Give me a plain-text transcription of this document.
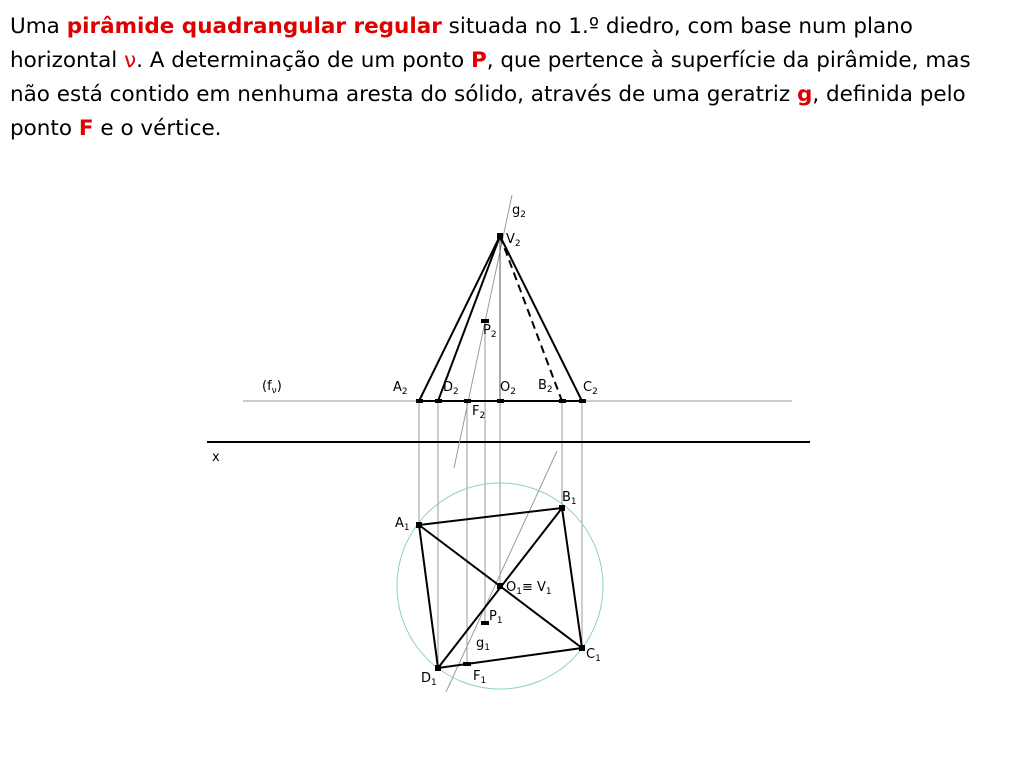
Uma pirâmide quadrangular regular situada no 1.º diedro, com base num plano horizontal ν. A determinação de um ponto P, que pertence à superfície da pirâmide, mas não está contido em nenhuma aresta do sólido, através de uma geratriz g, definida pelo ponto F e o vértice.

$g_2$
$V_2$
$P_2$
$(f_\nu)$	$A_2$	$D_2$	$O_2$ $B_2$ $C_2$
$F_2$
x
$B_1$
$A_1$
$O_1\equiv V_1$
$P_1$
$g_1$	$C_1$
$D_1$	$F_1$
